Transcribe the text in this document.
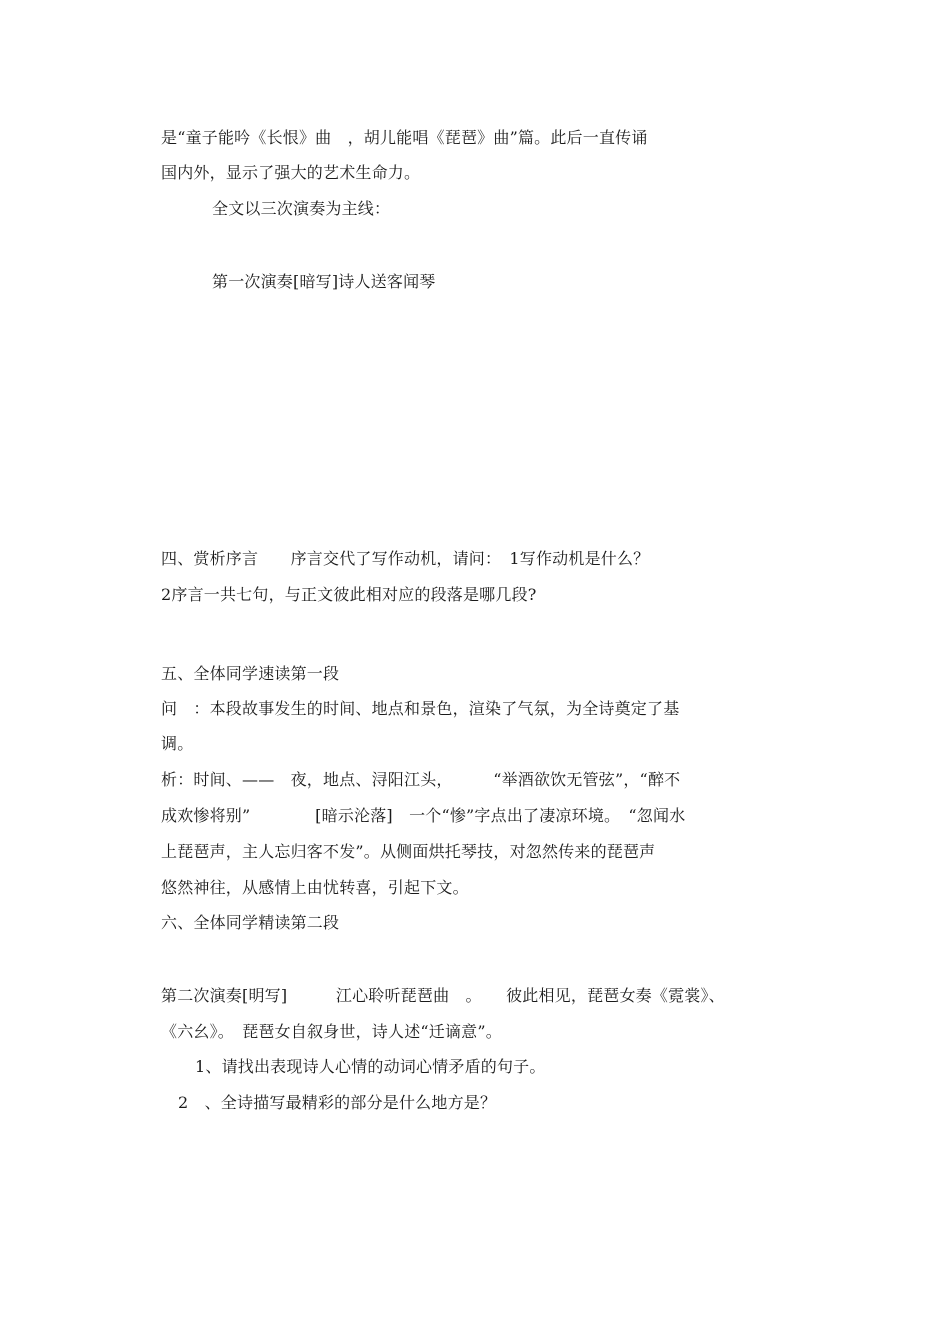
是“童子能吟《长恨》曲　，胡儿能唱《琵琶》曲”篇。此后一直传诵
国内外，显示了强大的艺术生命力。
全文以三次演奏为主线：
第一次演奏[暗写]诗人送客闻琴
四、赏析序言　　序言交代了写作动机，请问：　1写作动机是什么？
2序言一共七句，与正文彼此相对应的段落是哪几段?
五、全体同学速读第一段
问　：本段故事发生的时间、地点和景色，渲染了气氛，为全诗奠定了基
调。
析：时间、——　夜，地点、浔阳江头，　　　“举酒欲饮无管弦”，“醉不
成欢惨将别”　　　　[暗示沦落]　一个“惨”字点出了凄凉环境。　“忽闻水
上琵琶声，主人忘归客不发”。从侧面烘托琴技，对忽然传来的琵琶声
悠然神往，从感情上由忧转喜，引起下文。
六、全体同学精读第二段
第二次演奏[明写]　　　江心聆听琵琶曲　。　　彼此相见，琵琶女奏《霓裳》、
《六幺》。　琵琶女自叙身世，诗人述“迁谪意”。
1、请找出表现诗人心情的动词心情矛盾的句子。
2　、全诗描写最精彩的部分是什么地方是？
